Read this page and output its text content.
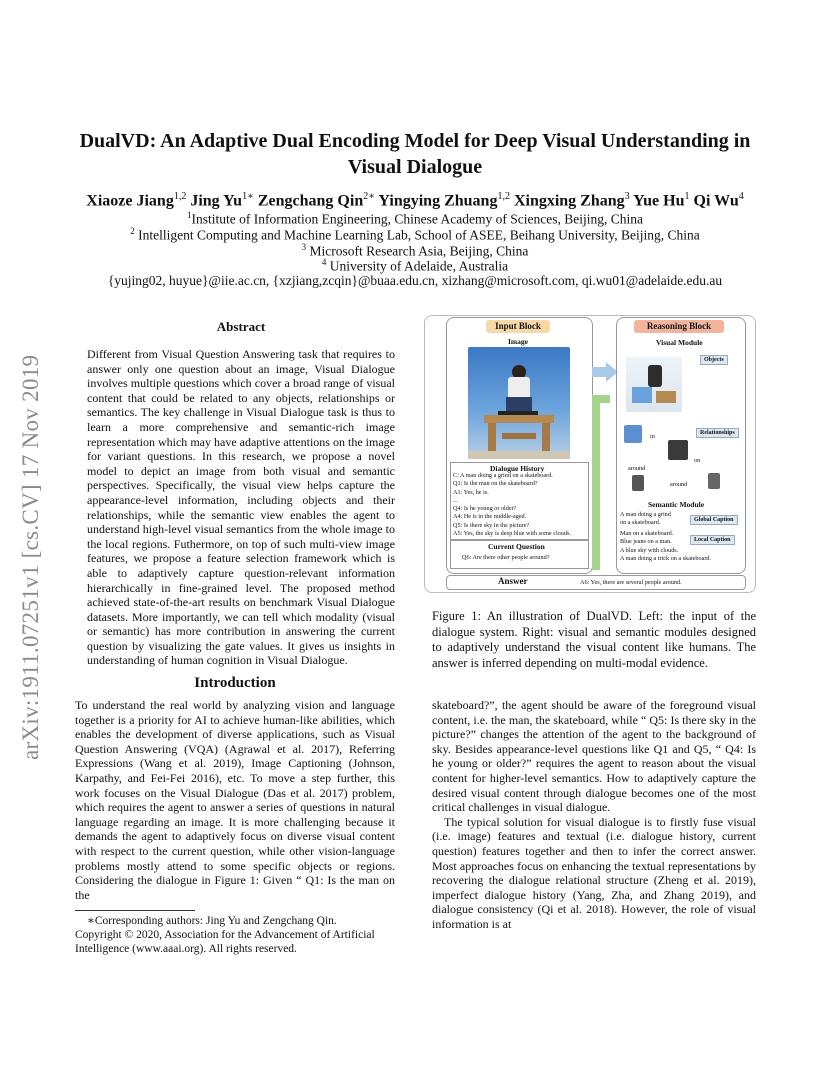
arXiv:1911.07251v1 [cs.CV] 17 Nov 2019
DualVD: An Adaptive Dual Encoding Model for Deep Visual Understanding in Visual Dialogue
Xiaoze Jiang$^{1,2}$ Jing $Yu^{1∗}$ Zengchang Qin$^{2∗}$ Yingying Zhuang$^{1,2}$ Xingxing Zhang$^3$ Yue Hu$^1$ Qi Wu$^4$
$^1$Institute of Information Engineering, Chinese Academy of Sciences, Beijing, China
$^2$ Intelligent Computing and Machine Learning Lab, School of ASEE, Beihang University, Beijing, China
$^3$ Microsoft Research Asia, Beijing, China
$^4$ University of Adelaide, Australia
{yujing02, huyue}@iie.ac.cn, {xzjiang,zcqin}@buaa.edu.cn, xizhang@microsoft.com, qi.wu01@adelaide.edu.au
Abstract

Different from Visual Question Answering task that requires to answer only one question about an image, Visual Dialogue involves multiple questions which cover a broad range of visual content that could be related to any objects, relationships or semantics. The key challenge in Visual Dialogue task is thus to learn a more comprehensive and semantic-rich image representation which may have adaptive attentions on the image for variant questions. In this research, we propose a novel model to depict an image from both visual and semantic perspectives. Specifically, the visual view helps capture the appearance-level information, including objects and their relationships, while the semantic view enables the agent to understand high-level visual semantics from the whole image to the local regions. Futhermore, on top of such multi-view image features, we propose a feature selection framework which is able to adaptively capture question-relevant information hierarchically in fine-grained level. The proposed method achieved state-of-the-art results on benchmark Visual Dialogue datasets. More importantly, we can tell which modality (visual or semantic) has more contribution in answering the current question by visualizing the gate values. It gives us insights in understanding of human cognition in Visual Dialogue.

Introduction

To understand the real world by analyzing vision and language together is a priority for AI to achieve human-like abilities, which enables the development of diverse applications, such as Visual Question Answering (VQA) (Agrawal et al. 2017), Referring Expressions (Wang et al. 2019), Image Captioning (Johnson, Karpathy, and Fei-Fei 2016), etc. To move a step further, this work focuses on the Visual Dialogue (Das et al. 2017) problem, which requires the agent to answer a series of questions in natural language regarding an image. It is more challenging because it demands the agent to adaptively focus on diverse visual content with respect to the current question, while other vision-language problems mostly attend to some specific objects or regions. Considering the dialogue in Figure 1: Given “ Q1: Is the man on the

∗Corresponding authors: Jing Yu and Zengchang Qin.
Copyright © 2020, Association for the Advancement of Artificial Intelligence (www.aaai.org). All rights reserved.
Input Block
Image
Dialogue History
C: A man doing a grind on a skateboard.
Q1: Is the man on the skateboard?
A1: Yes, he is.
...
Q4: Is he young or older?
A4: He is in the middle-aged.
Q5: Is there sky in the picture?
A5: Yes, the sky is deep blue with some clouds.
Current Question
Q6: Are there other people around?
Reasoning Block
Visual Module
Objects
Relationships
in
on
around
around
Semantic Module
A man doing a grind
on a skateboard.	Global Caption
Man on a skateboard.
Blue jeans on a man.
A blue sky with clouds.
A man doing a trick on a skateboard.
Local Caption
Answer	A6: Yes, there are several people around.
Figure 1: An illustration of DualVD. Left: the input of the dialogue system. Right: visual and semantic modules designed to adaptively understand the visual content like humans. The answer is inferred depending on multi-modal evidence.

skateboard?”, the agent should be aware of the foreground visual content, i.e. the man, the skateboard, while “ Q5: Is there sky in the picture?” changes the attention of the agent to the background of sky. Besides appearance-level questions like Q1 and Q5, “ Q4: Is he young or older?” requires the agent to reason about the visual content for higher-level semantics. How to adaptively capture the desired visual content through dialogue becomes one of the most critical challenges in visual dialogue.

The typical solution for visual dialogue is to firstly fuse visual (i.e. image) features and textual (i.e. dialogue history, current question) features together and then to infer the correct answer. Most approaches focus on enhancing the textual representations by recovering the dialogue relational structure (Zheng et al. 2019), imperfect dialogue history (Yang, Zha, and Zhang 2019), and dialogue consistency (Qi et al. 2018). However, the role of visual information is at
